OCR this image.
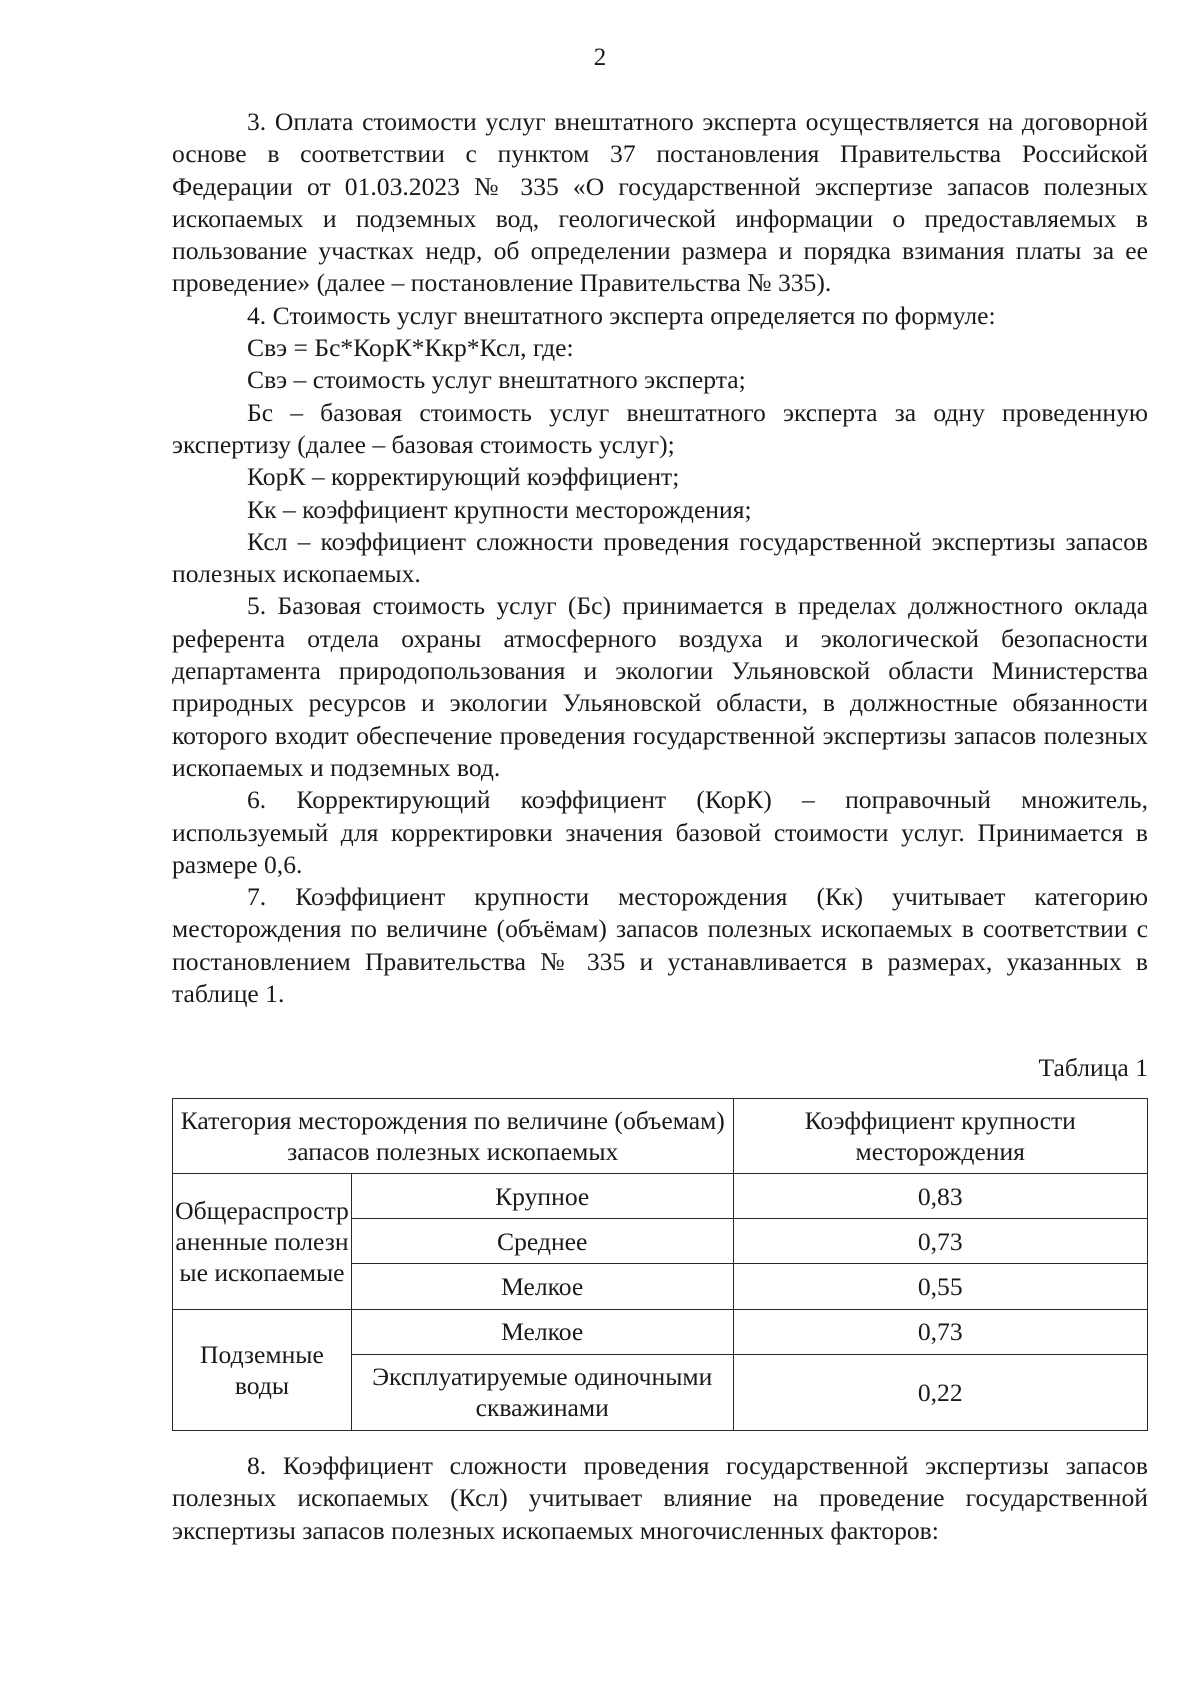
2

3. Оплата стоимости услуг внештатного эксперта осуществляется на договорной основе в соответствии с пунктом 37 постановления Правительства Российской Федерации от 01.03.2023 № 335 «О государственной экспертизе запасов полезных ископаемых и подземных вод, геологической информации о предоставляемых в пользование участках недр, об определении размера и порядка взимания платы за ее проведение» (далее – постановление Правительства № 335).

4. Стоимость услуг внештатного эксперта определяется по формуле:

Свэ = Бс*КорК*Ккр*Ксл, где:

Свэ – стоимость услуг внештатного эксперта;

Бс – базовая стоимость услуг внештатного эксперта за одну проведенную экспертизу (далее – базовая стоимость услуг);

КорК – корректирующий коэффициент;

Кк – коэффициент крупности месторождения;

Ксл – коэффициент сложности проведения государственной экспертизы запасов полезных ископаемых.

5. Базовая стоимость услуг (Бс) принимается в пределах должностного оклада референта отдела охраны атмосферного воздуха и экологической безопасности департамента природопользования и экологии Ульяновской области Министерства природных ресурсов и экологии Ульяновской области, в должностные обязанности которого входит обеспечение проведения государственной экспертизы запасов полезных ископаемых и подземных вод.

6. Корректирующий коэффициент (КорК) – поправочный множитель, используемый для корректировки значения базовой стоимости услуг. Принимается в размере 0,6.

7. Коэффициент крупности месторождения (Кк) учитывает категорию месторождения по величине (объёмам) запасов полезных ископаемых в соответствии с постановлением Правительства № 335 и устанавливается в размерах, указанных в таблице 1.

Таблица 1
Категория месторождения по величине (объемам) запасов полезных ископаемых		Коэффициент крупности месторождения
Общераспространенные полезные ископаемые	Крупное	0,83
	Среднее	0,73
	Мелкое	0,55
Подземные воды	Мелкое	0,73
	Эксплуатируемые одиночными скважинами	0,22

8. Коэффициент сложности проведения государственной экспертизы запасов полезных ископаемых (Ксл) учитывает влияние на проведение государственной экспертизы запасов полезных ископаемых многочисленных факторов:
